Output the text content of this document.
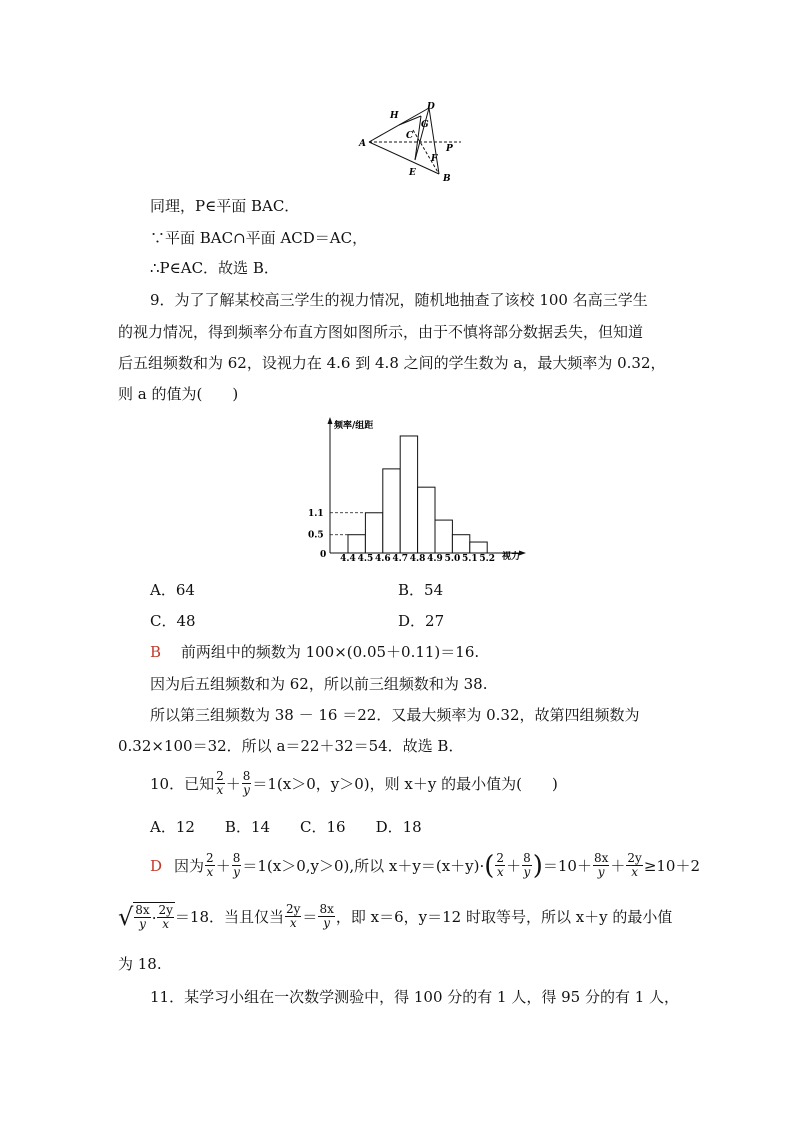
A
H
D
G
C
P
F
E
B
同理，P∈平面 BAC．
∵平面 BAC∩平面 ACD＝AC，
∴P∈AC．故选 B．
9．为了了解某校高三学生的视力情况，随机地抽查了该校 100 名高三学生
的视力情况，得到频率分布直方图如图所示，由于不慎将部分数据丢失，但知道
后五组频数和为 62，设视力在 4.6 到 4.8 之间的学生数为 a，最大频率为 0.32，
则 a 的值为(　　)
频率/组距
视力
0
1.1
0.5
4.4 4.5 4.6 4.7 4.8 4.9 5.0 5.1 5.2
A．64	B．54
C．48	D．27
B　 前两组中的频数为 100×(0.05＋0.11)＝16.
因为后五组频数和为 62，所以前三组频数和为 38.
所以第三组频数为 38 － 16 ＝22．又最大频率为 0.32，故第四组频数为
0.32×100＝32．所以 a＝22＋32＝54．故选 B．
10．已知 $\frac{2}{x} + \frac{8}{y} =1(x>0$，y＞0)，则 x＋y 的最小值为(　　)
A．12　　B．14　　C．16　　D．18
D 因为 $\frac{2}{x} + \frac{8}{y} =1(x>0,y>0)$,所以 x＋y＝(x＋y)· ( $\frac{2}{x} + \frac{8}{y}$ ) $=10+ \frac{8x}{y} + \frac{2y}{x} \ge 10+2$
√ $\frac{8x}{y} \cdot \frac{2y}{x} =18$．当且仅当 $\frac{2y}{x} = \frac{8x}{y}$ ，即 x＝6，y＝12 时取等号，所以 x＋y 的最小值
为 18.
11．某学习小组在一次数学测验中，得 100 分的有 1 人，得 95 分的有 1 人，
